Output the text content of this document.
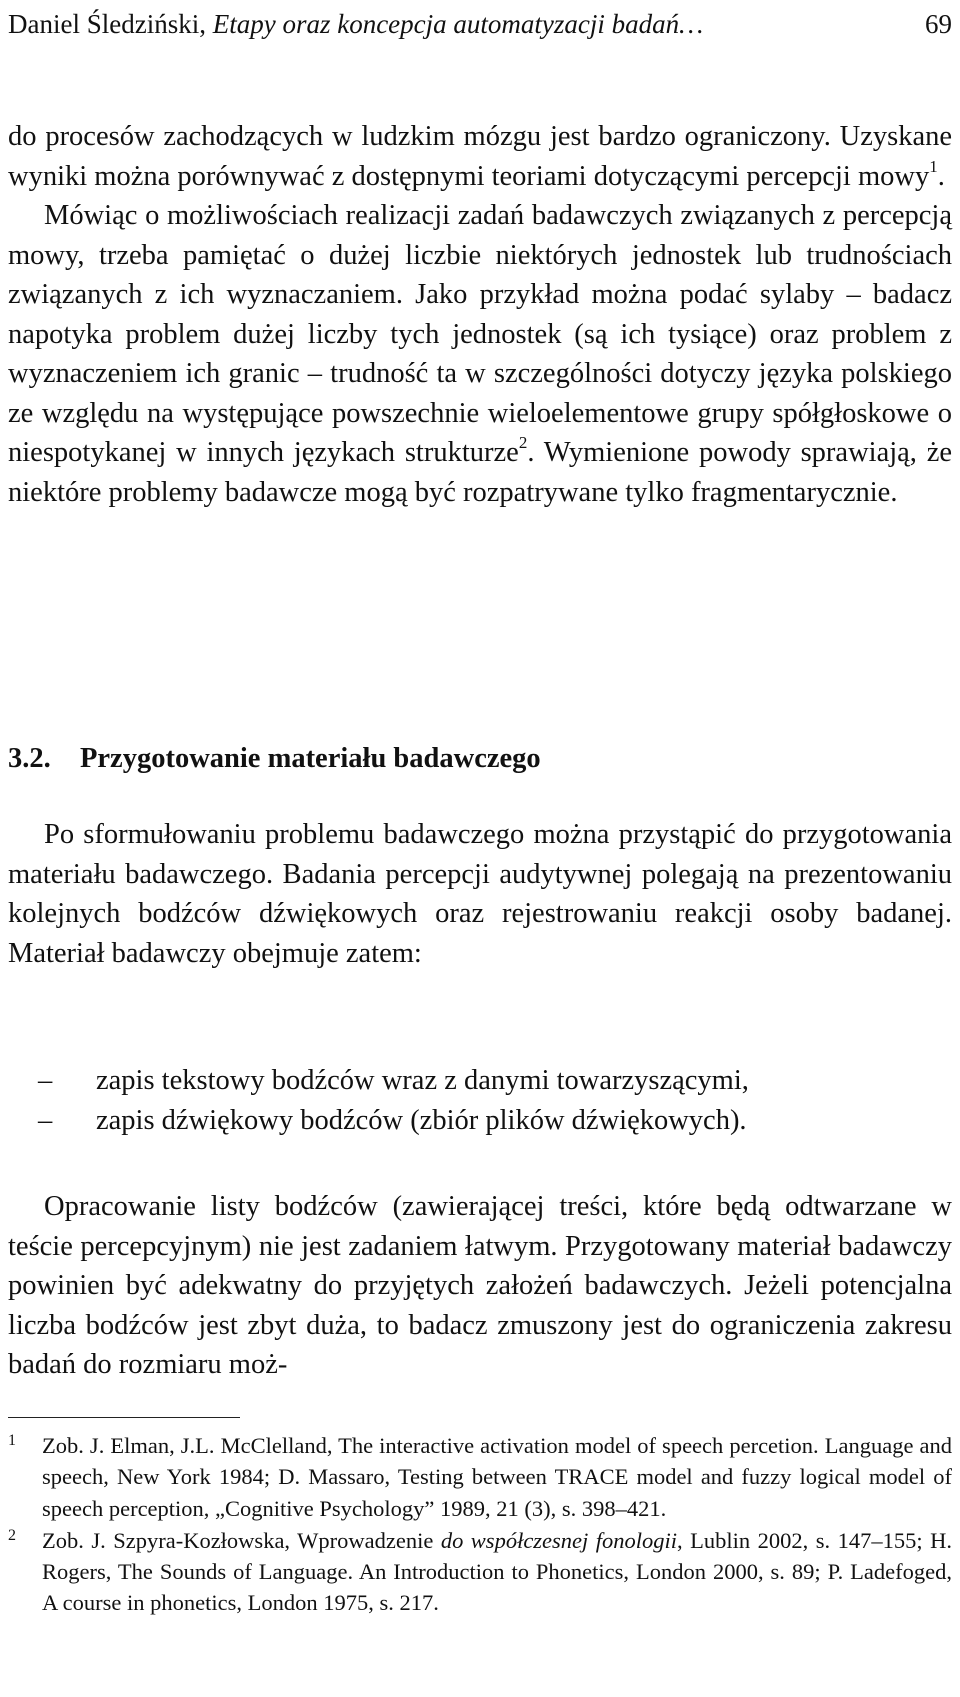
Daniel Śledziński, Etapy oraz koncepcja automatyzacji badań…	69
do procesów zachodzących w ludzkim mózgu jest bardzo ograniczony. Uzyskane wyniki można porównywać z dostępnymi teoriami dotyczącymi percepcji mowy$^1$.
Mówiąc o możliwościach realizacji zadań badawczych związanych z percepcją mowy, trzeba pamiętać o dużej liczbie niektórych jednostek lub trudnościach związanych z ich wyznaczaniem. Jako przykład można podać sylaby – badacz napotyka problem dużej liczby tych jednostek (są ich tysiące) oraz problem z wyznaczeniem ich granic – trudność ta w szczególności dotyczy języka polskiego ze względu na występujące powszechnie wieloelementowe grupy spółgłoskowe o niespotykanej w innych językach strukturze$^2$. Wymienione powody sprawiają, że niektóre problemy badawcze mogą być rozpatrywane tylko fragmentarycznie.
3.2. Przygotowanie materiału badawczego
Po sformułowaniu problemu badawczego można przystąpić do przygotowania materiału badawczego. Badania percepcji audytywnej polegają na prezentowaniu kolejnych bodźców dźwiękowych oraz rejestrowaniu reakcji osoby badanej. Materiał badawczy obejmuje zatem:
– zapis tekstowy bodźców wraz z danymi towarzyszącymi,
– zapis dźwiękowy bodźców (zbiór plików dźwiękowych).
Opracowanie listy bodźców (zawierającej treści, które będą odtwarzane w teście percepcyjnym) nie jest zadaniem łatwym. Przygotowany materiał badawczy powinien być adekwatny do przyjętych założeń badawczych. Jeżeli potencjalna liczba bodźców jest zbyt duża, to badacz zmuszony jest do ograniczenia zakresu badań do rozmiaru moż-
1 Zob. J. Elman, J.L. McClelland, The interactive activation model of speech percetion. Language and speech, New York 1984; D. Massaro, Testing between TRACE model and fuzzy logical model of speech perception, „Cognitive Psychology” 1989, 21 (3), s. 398–421.
2 Zob. J. Szpyra-Kozłowska, Wprowadzenie do współczesnej fonologii, Lublin 2002, s. 147–155; H. Rogers, The Sounds of Language. An Introduction to Phonetics, London 2000, s. 89; P. Ladefoged, A course in phonetics, London 1975, s. 217.
